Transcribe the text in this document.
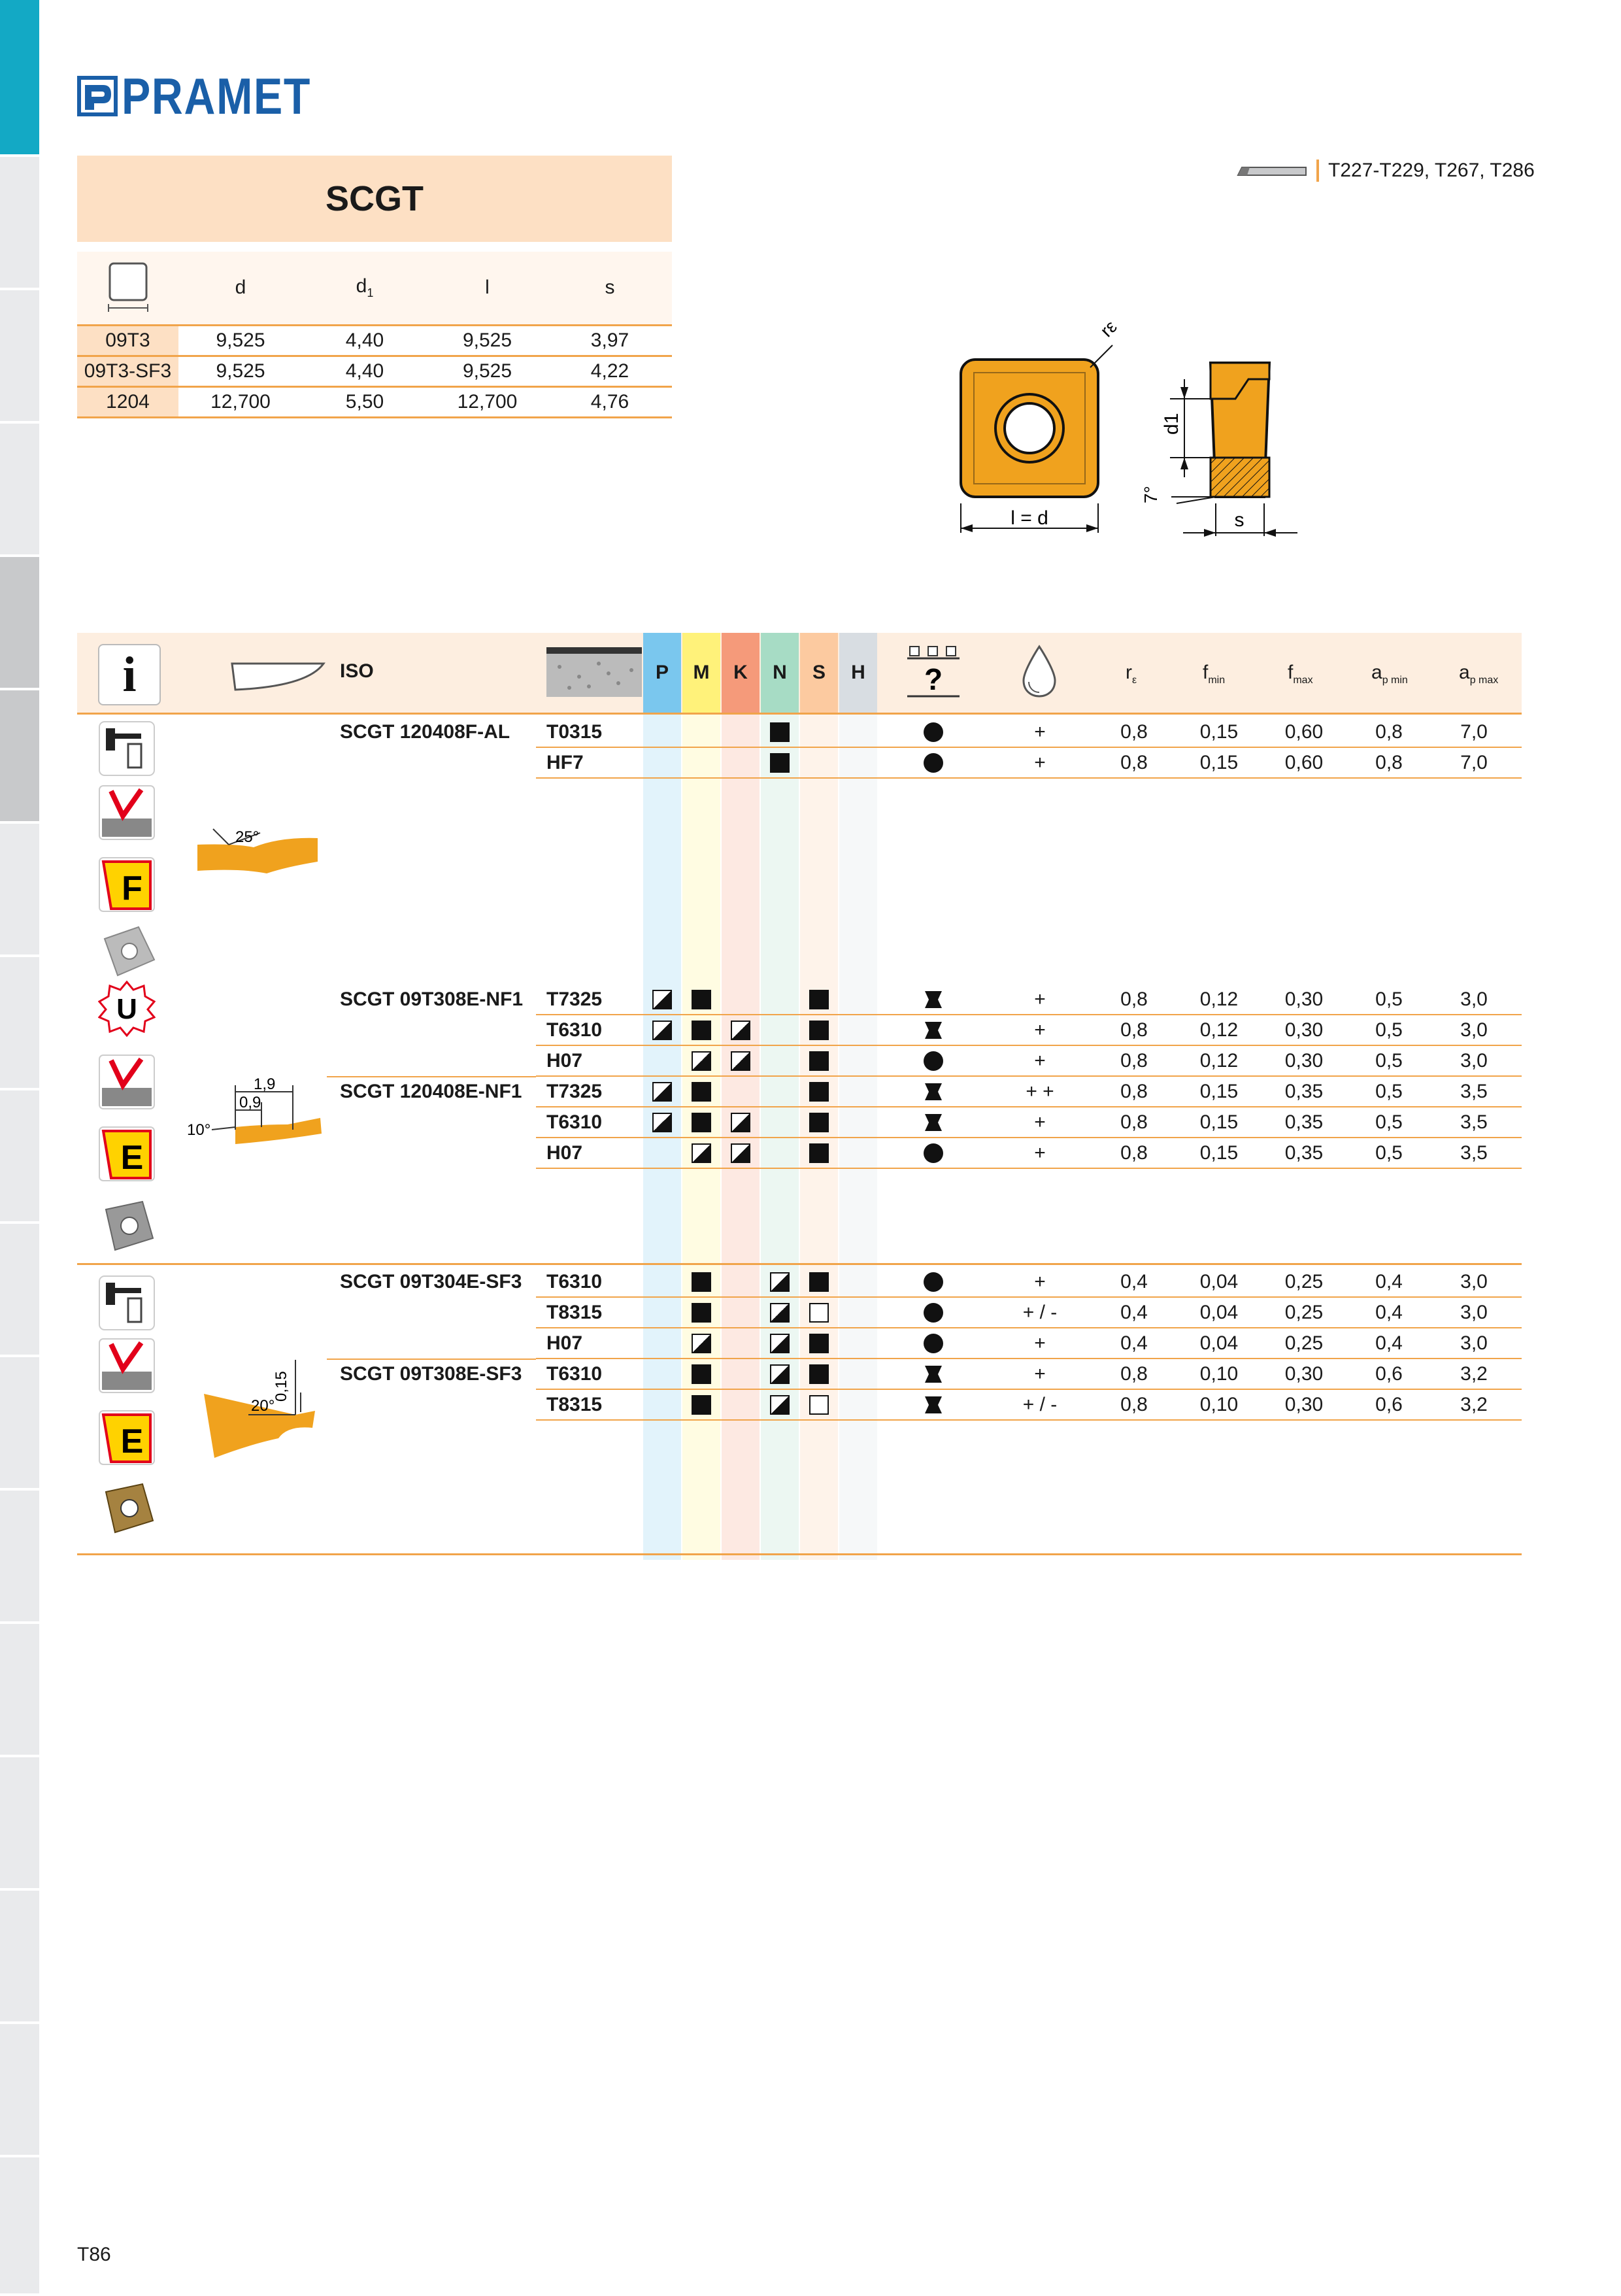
PRAMET
SCGT
	d	$d_1$	l	s
09T3	9,525	4,40	9,525	3,97
09T3-SF3	9,525	4,40	9,525	4,22
1204	12,700	5,50	12,700	4,76
T227-T229, T267, T286
l = d
rε
d1
7°
s
i	ISO	P	M	K	N	S	H	?	$r_\varepsilon$	$f_{min}$	$f_{max}$	$a_{p min}$	$a_{p max}$
SCGT 120408F-AL	T0315	+	0,8	0,15	0,60	0,8	7,0
HF7	+	0,8	0,15	0,60	0,8	7,0
SCGT 09T308E-NF1	T7325	+	0,8	0,12	0,30	0,5	3,0
T6310	+	0,8	0,12	0,30	0,5	3,0
H07	+	0,8	0,12	0,30	0,5	3,0
SCGT 120408E-NF1	T7325	+ +	0,8	0,15	0,35	0,5	3,5
T6310	+	0,8	0,15	0,35	0,5	3,5
H07	+	0,8	0,15	0,35	0,5	3,5
SCGT 09T304E-SF3	T6310	+	0,4	0,04	0,25	0,4	3,0
T8315	+ / -	0,4	0,04	0,25	0,4	3,0
H07	+	0,4	0,04	0,25	0,4	3,0
SCGT 09T308E-SF3	T6310	+	0,8	0,10	0,30	0,6	3,2
T8315	+ / -	0,8	0,10	0,30	0,6	3,2
F
25°
U
E
1,9
0,9
10°
E
0,15
20°
T86
